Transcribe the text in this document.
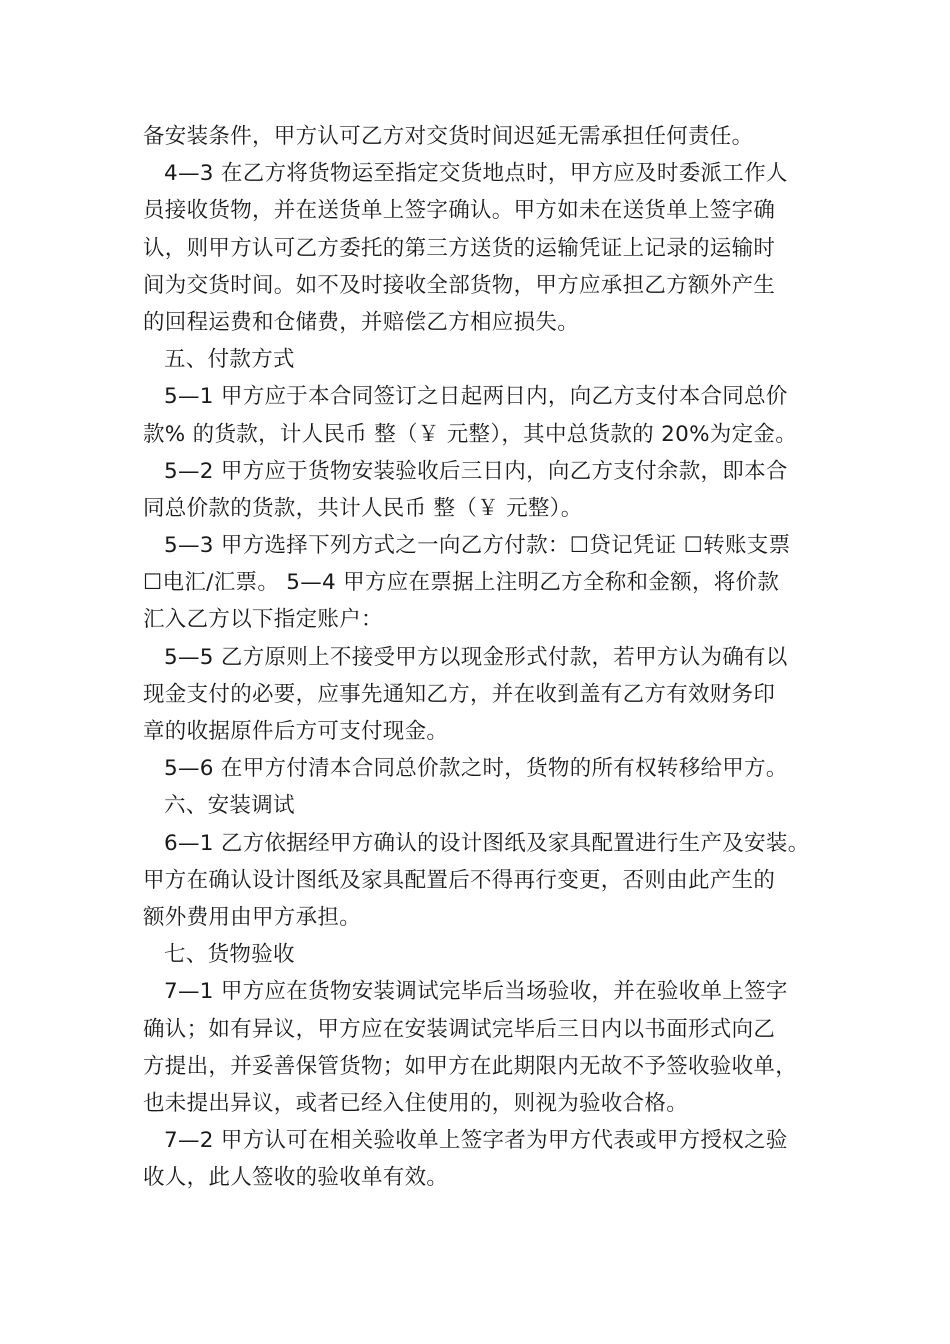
备安装条件，甲方认可乙方对交货时间迟延无需承担任何责任。
4—3 在乙方将货物运至指定交货地点时，甲方应及时委派工作人
员接收货物，并在送货单上签字确认。甲方如未在送货单上签字确
认，则甲方认可乙方委托的第三方送货的运输凭证上记录的运输时
间为交货时间。如不及时接收全部货物，甲方应承担乙方额外产生
的回程运费和仓储费，并赔偿乙方相应损失。
五、付款方式
5—1 甲方应于本合同签订之日起两日内，向乙方支付本合同总价
款% 的货款，计人民币 整（￥ 元整），其中总货款的 20%为定金。
5—2 甲方应于货物安装验收后三日内，向乙方支付余款，即本合
同总价款的货款，共计人民币 整（￥ 元整）。
5—3 甲方选择下列方式之一向乙方付款：☐贷记凭证 ☐转账支票
☐电汇/汇票。 5—4 甲方应在票据上注明乙方全称和金额，将价款
汇入乙方以下指定账户：
5—5 乙方原则上不接受甲方以现金形式付款，若甲方认为确有以
现金支付的必要，应事先通知乙方，并在收到盖有乙方有效财务印
章的收据原件后方可支付现金。
5—6 在甲方付清本合同总价款之时，货物的所有权转移给甲方。
六、安装调试
6—1 乙方依据经甲方确认的设计图纸及家具配置进行生产及安装。
甲方在确认设计图纸及家具配置后不得再行变更，否则由此产生的
额外费用由甲方承担。
七、货物验收
7—1 甲方应在货物安装调试完毕后当场验收，并在验收单上签字
确认；如有异议，甲方应在安装调试完毕后三日内以书面形式向乙
方提出，并妥善保管货物；如甲方在此期限内无故不予签收验收单，
也未提出异议，或者已经入住使用的，则视为验收合格。
7—2 甲方认可在相关验收单上签字者为甲方代表或甲方授权之验
收人，此人签收的验收单有效。
